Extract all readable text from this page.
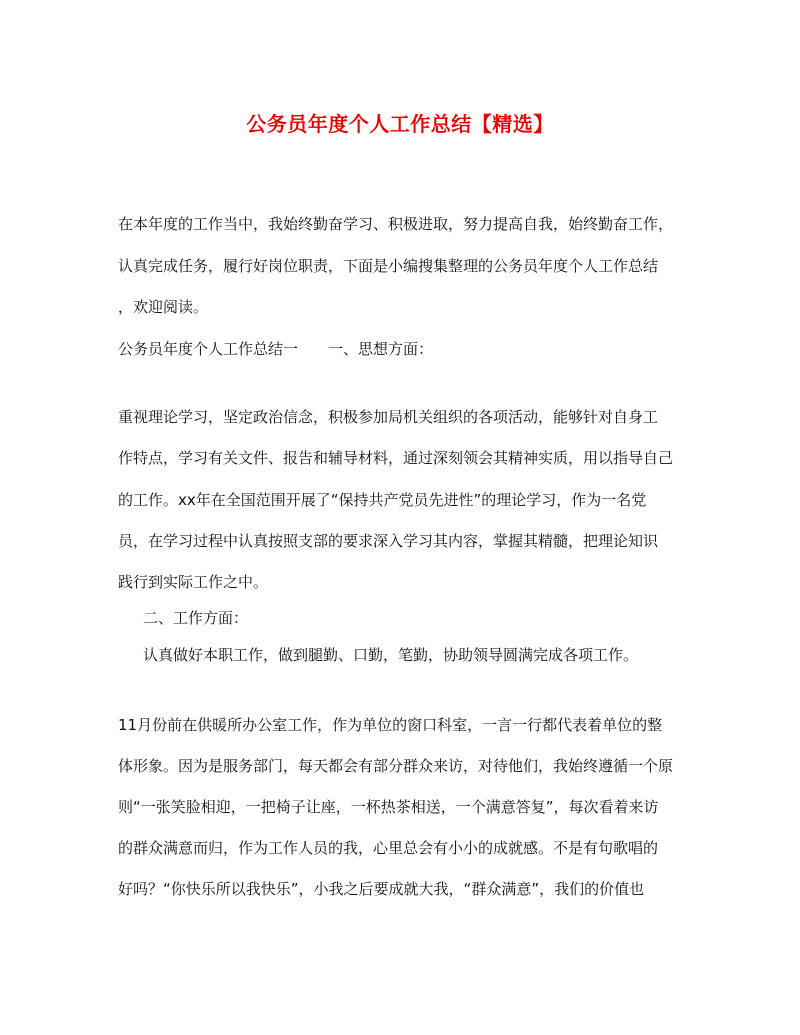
公务员年度个人工作总结【精选】
在本年度的工作当中，我始终勤奋学习、积极进取，努力提高自我，始终勤奋工作，
认真完成任务，履行好岗位职责，下面是小编搜集整理的公务员年度个人工作总结
，欢迎阅读。
公务员年度个人工作总结一　　一、思想方面：
重视理论学习，坚定政治信念，积极参加局机关组织的各项活动，能够针对自身工
作特点，学习有关文件、报告和辅导材料，通过深刻领会其精神实质，用以指导自己
的工作。xx年在全国范围开展了“保持共产党员先进性”的理论学习，作为一名党
员，在学习过程中认真按照支部的要求深入学习其内容，掌握其精髓，把理论知识
践行到实际工作之中。
二、工作方面：
认真做好本职工作，做到腿勤、口勤，笔勤，协助领导圆满完成各项工作。
11月份前在供暖所办公室工作，作为单位的窗口科室，一言一行都代表着单位的整
体形象。因为是服务部门，每天都会有部分群众来访，对待他们，我始终遵循一个原
则“一张笑脸相迎，一把椅子让座，一杯热茶相送，一个满意答复”，每次看着来访
的群众满意而归，作为工作人员的我，心里总会有小小的成就感。不是有句歌唱的
好吗？“你快乐所以我快乐”，小我之后要成就大我，“群众满意”，我们的价值也
